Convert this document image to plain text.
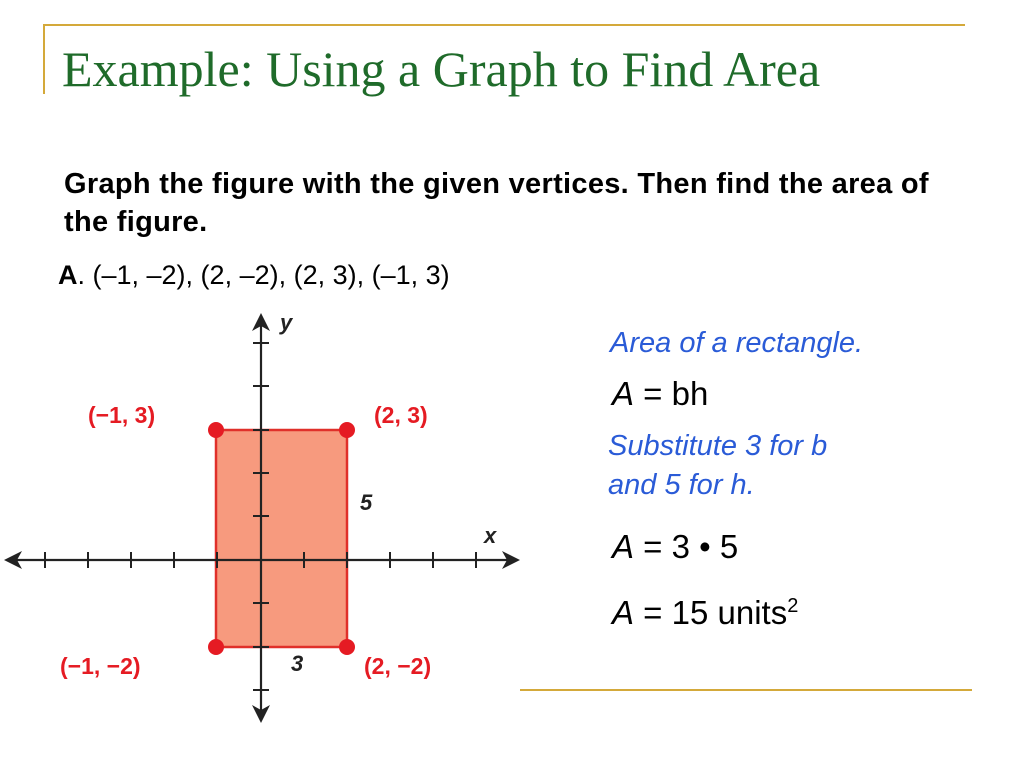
Example: Using a Graph to Find Area
Graph the figure with the given vertices. Then find the area of the figure.
A. (–1, –2), (2, –2), (2, 3), (–1, 3)
y
x
(−1, 3)	(2, 3)
(−1, −2)	(2, −2)
5
3
Area of a rectangle.
A = bh
Substitute 3 for b
and 5 for h.
A = 3 • 5
A = 15 units$^2$
